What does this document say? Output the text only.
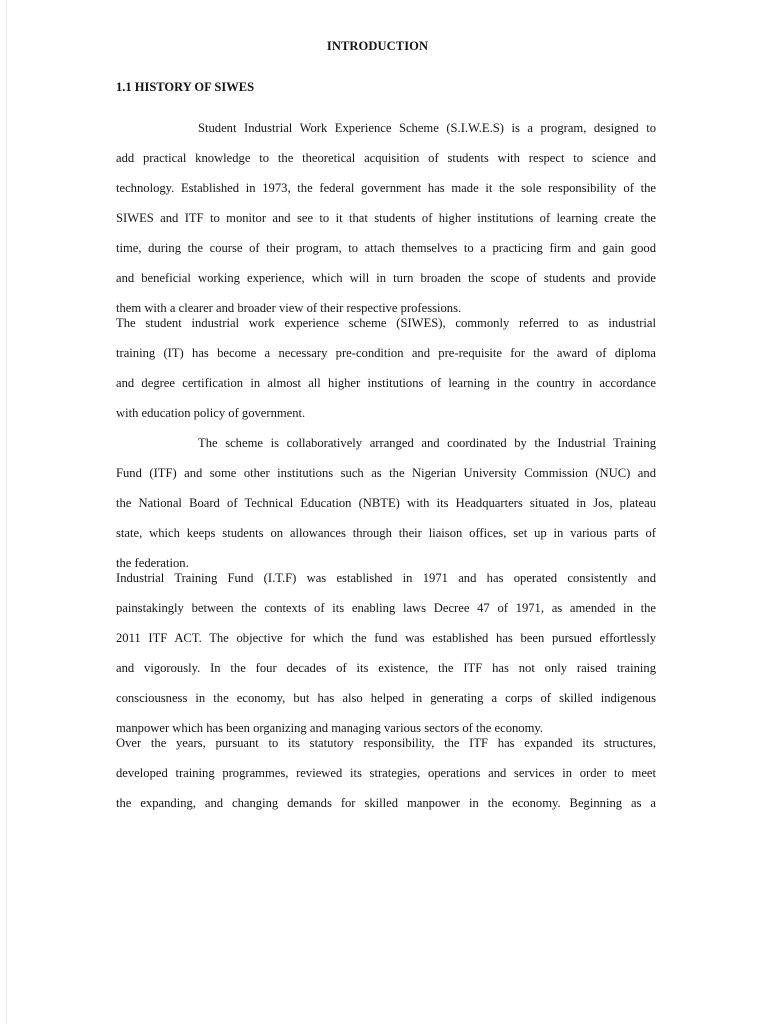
INTRODUCTION
1.1 HISTORY OF SIWES
Student Industrial Work Experience Scheme (S.I.W.E.S) is a program, designed to
add practical knowledge to the theoretical acquisition of students with respect to science and
technology. Established in 1973, the federal government has made it the sole responsibility of the
SIWES and ITF to monitor and see to it that students of higher institutions of learning create the
time, during the course of their program, to attach themselves to a practicing firm and gain good
and beneficial working experience, which will in turn broaden the scope of students and provide
them with a clearer and broader view of their respective professions.
The student industrial work experience scheme (SIWES), commonly referred to as industrial
training (IT) has become a necessary pre-condition and pre-requisite for the award of diploma
and degree certification in almost all higher institutions of learning in the country in accordance
with education policy of government.
The scheme is collaboratively arranged and coordinated by the Industrial Training
Fund (ITF) and some other institutions such as the Nigerian University Commission (NUC) and
the National Board of Technical Education (NBTE) with its Headquarters situated in Jos, plateau
state, which keeps students on allowances through their liaison offices, set up in various parts of
the federation.
Industrial Training Fund (I.T.F) was established in 1971 and has operated consistently and
painstakingly between the contexts of its enabling laws Decree 47 of 1971, as amended in the
2011 ITF ACT. The objective for which the fund was established has been pursued effortlessly
and vigorously. In the four decades of its existence, the ITF has not only raised training
consciousness in the economy, but has also helped in generating a corps of skilled indigenous
manpower which has been organizing and managing various sectors of the economy.
Over the years, pursuant to its statutory responsibility, the ITF has expanded its structures,
developed training programmes, reviewed its strategies, operations and services in order to meet
the expanding, and changing demands for skilled manpower in the economy. Beginning as a
